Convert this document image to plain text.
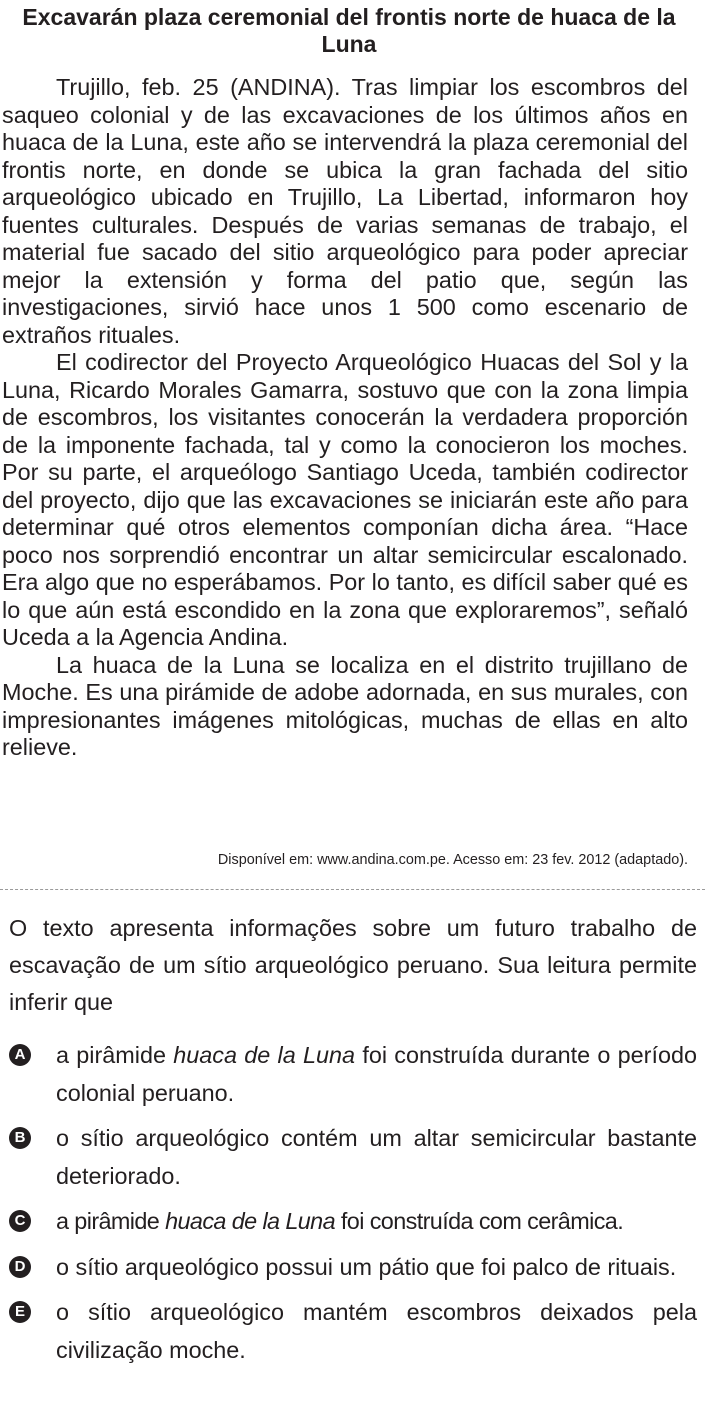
Excavarán plaza ceremonial del frontis norte de huaca de la Luna

Trujillo, feb. 25 (ANDINA). Tras limpiar los escombros del saqueo colonial y de las excavaciones de los últimos años en huaca de la Luna, este año se intervendrá la plaza ceremonial del frontis norte, en donde se ubica la gran fachada del sitio arqueológico ubicado en Trujillo, La Libertad, informaron hoy fuentes culturales. Después de varias semanas de trabajo, el material fue sacado del sitio arqueológico para poder apreciar mejor la extensión y forma del patio que, según las investigaciones, sirvió hace unos 1 500 como escenario de extraños rituales.

El codirector del Proyecto Arqueológico Huacas del Sol y la Luna, Ricardo Morales Gamarra, sostuvo que con la zona limpia de escombros, los visitantes conocerán la verdadera proporción de la imponente fachada, tal y como la conocieron los moches. Por su parte, el arqueólogo Santiago Uceda, también codirector del proyecto, dijo que las excavaciones se iniciarán este año para determinar qué otros elementos componían dicha área. “Hace poco nos sorprendió encontrar un altar semicircular escalonado. Era algo que no esperábamos. Por lo tanto, es difícil saber qué es lo que aún está escondido en la zona que exploraremos”, señaló Uceda a la Agencia Andina.

La huaca de la Luna se localiza en el distrito trujillano de Moche. Es una pirámide de adobe adornada, en sus murales, con impresionantes imágenes mitológicas, muchas de ellas en alto relieve.

Disponível em: www.andina.com.pe. Acesso em: 23 fev. 2012 (adaptado).

O texto apresenta informações sobre um futuro trabalho de escavação de um sítio arqueológico peruano. Sua leitura permite inferir que

A a pirâmide huaca de la Luna foi construída durante o período colonial peruano.
B o sítio arqueológico contém um altar semicircular bastante deteriorado.
C a pirâmide huaca de la Luna foi construída com cerâmica.
D o sítio arqueológico possui um pátio que foi palco de rituais.
E o sítio arqueológico mantém escombros deixados pela civilização moche.
